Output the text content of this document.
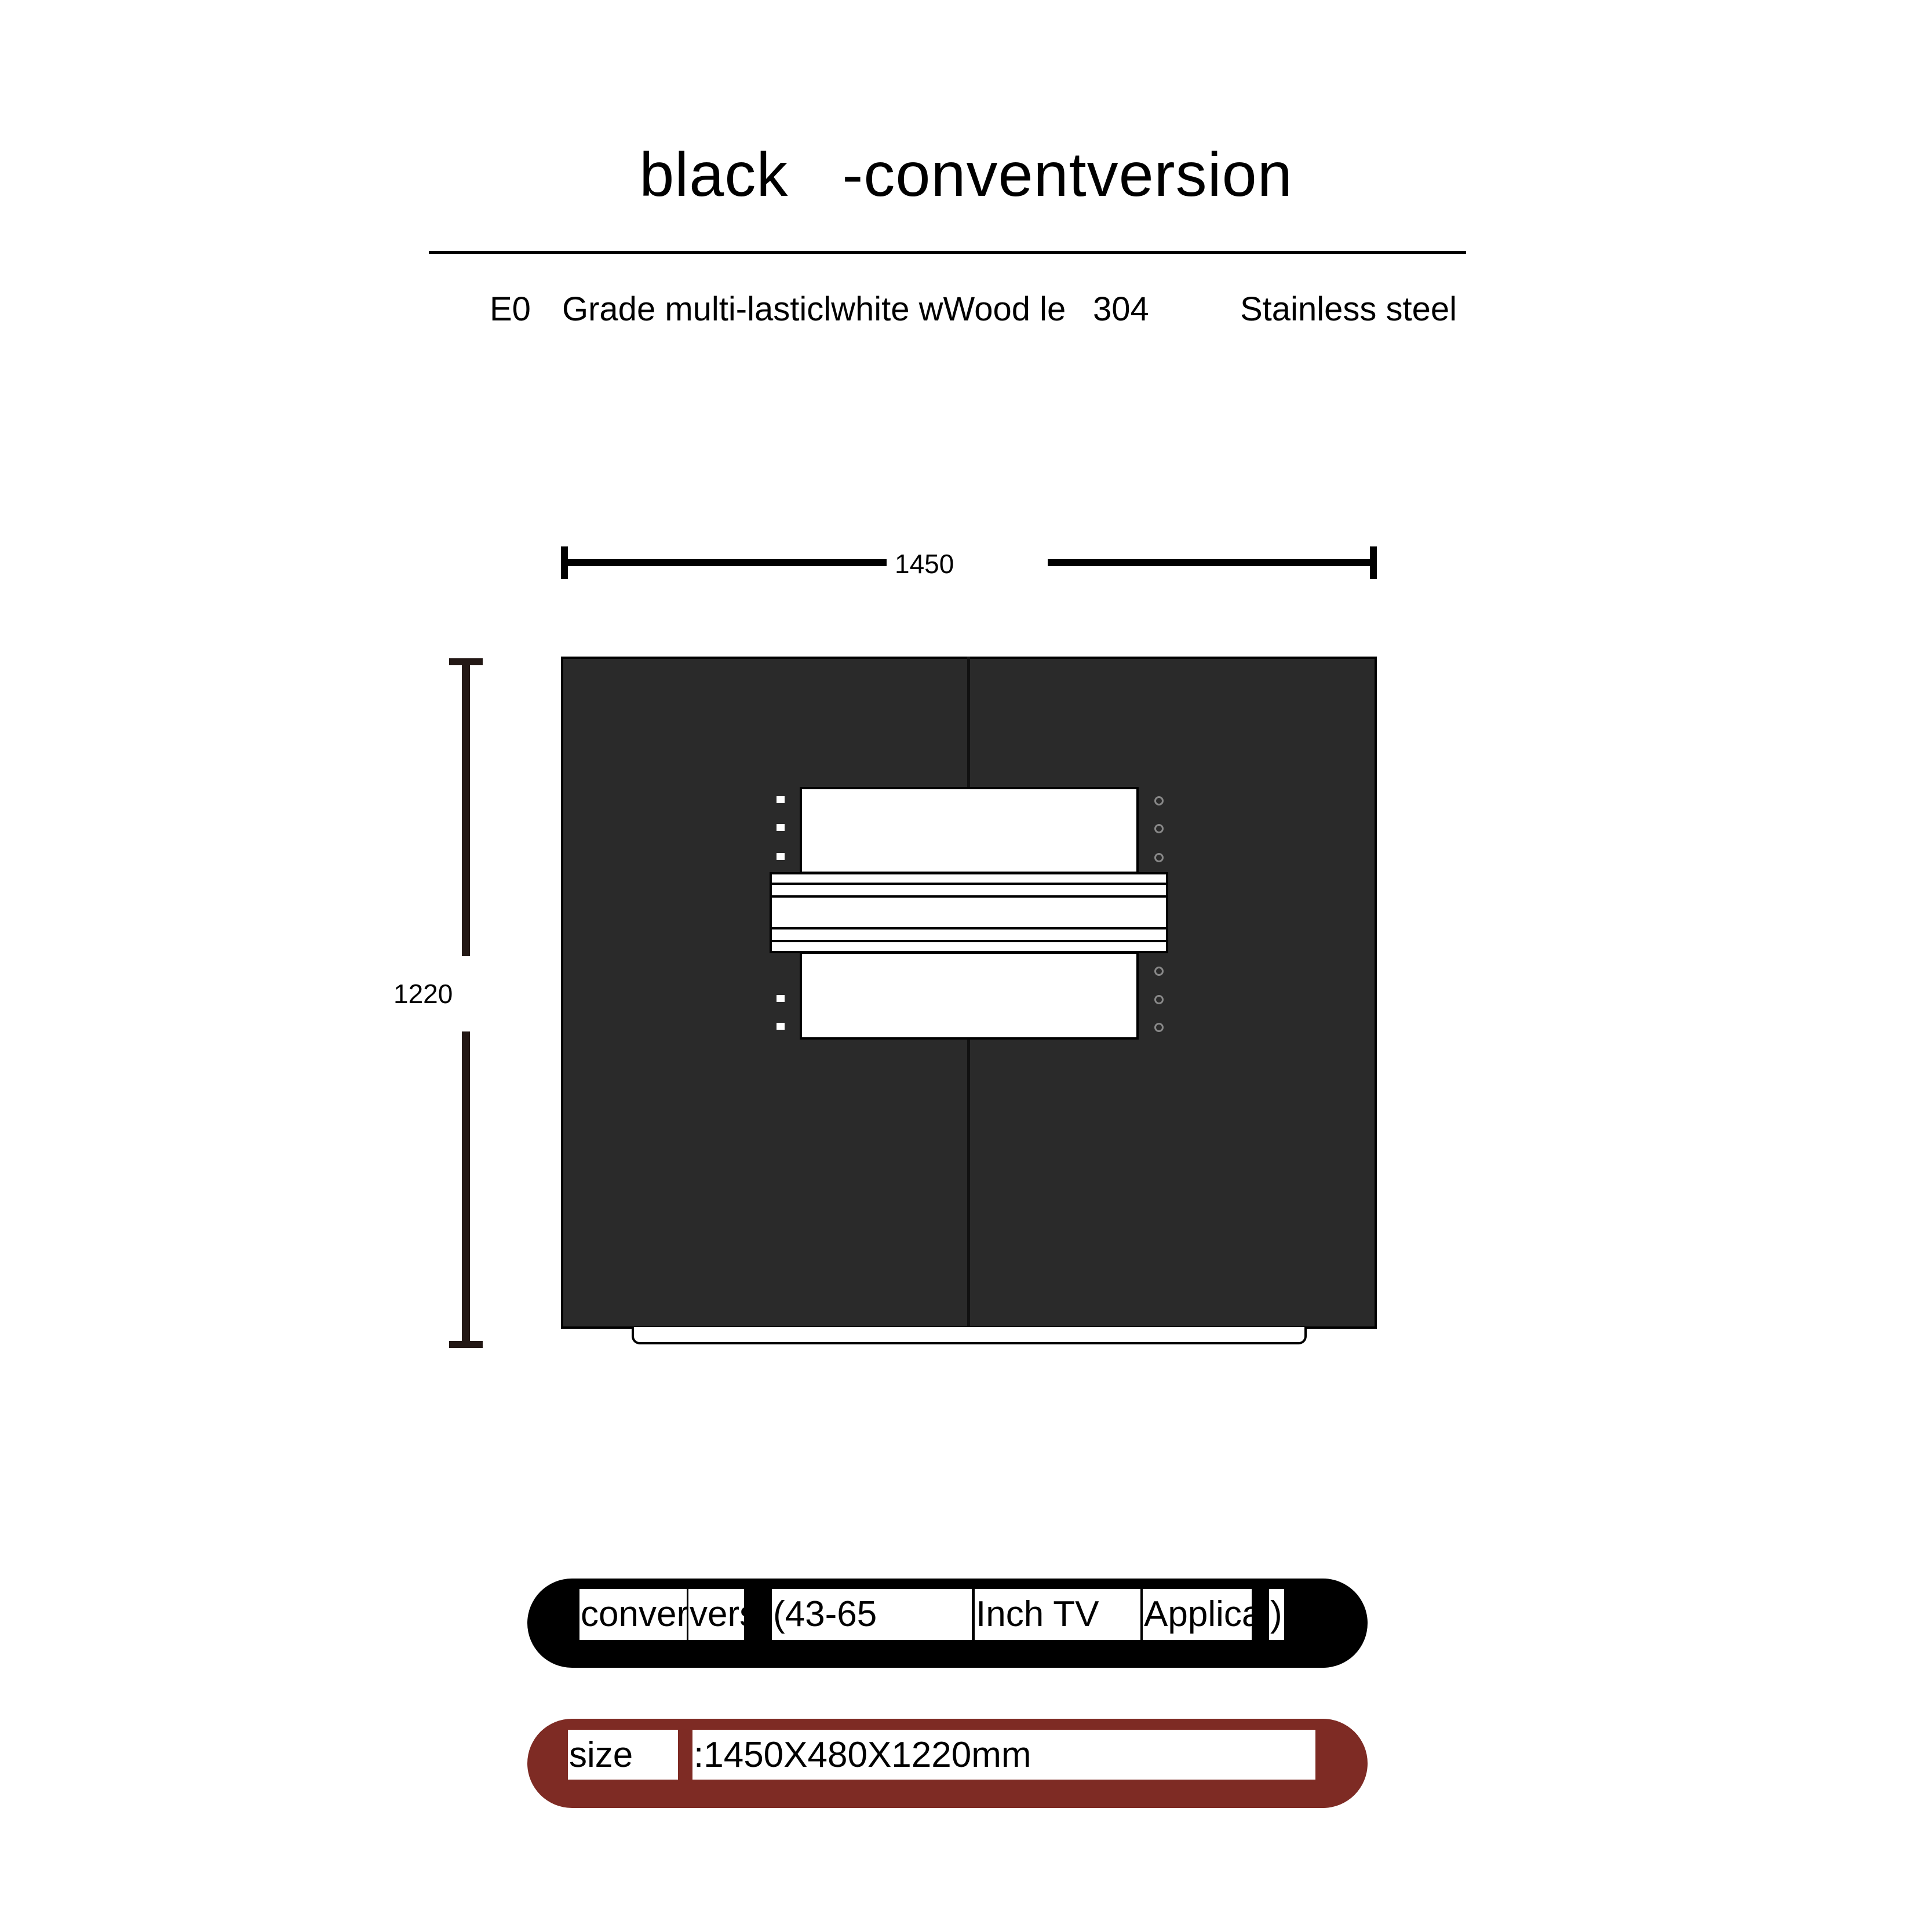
black   -conventversion
E0 Grade multi-lasticlwhite wWood le 304	Stainless steel
1450
1220
conver versi (43-65	Inch TV	Applica )
size	:1450X480X1220mm
